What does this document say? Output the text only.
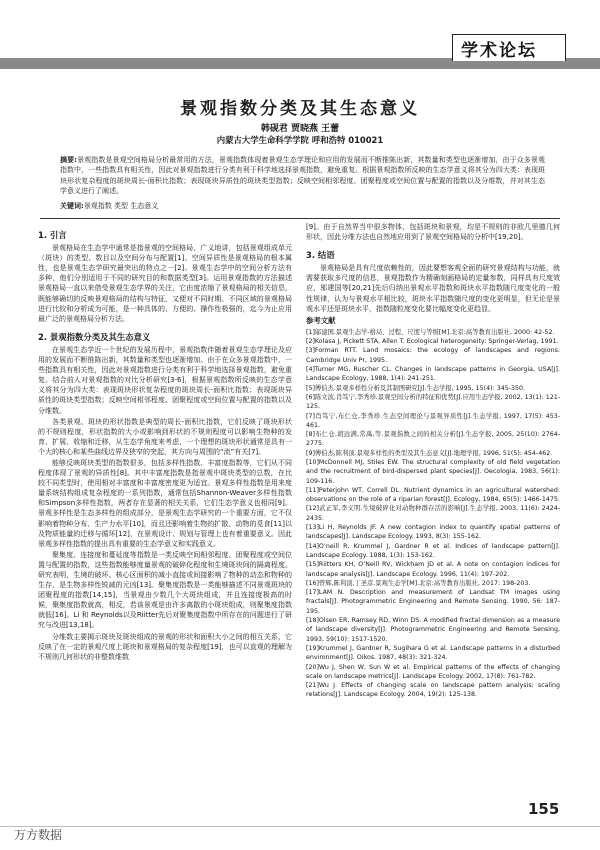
学术论坛
景观指数分类及其生态意义
韩砚君 贾晓燕 王蕾
内蒙古大学生命科学学院 呼和浩特 010021
摘要:景观指数是景观空间格局分析最常用的方法，景观指数体现着景观生态学理论和应用的发展而不断推陈出新，其数量和类型也逐渐增加，由于众多景观指数中，一些指数具有相关性，因此对景观指数进行分类有利于科学地选择景观指数，避免重复。根据景观指数所反映的生态学意义将其分为四大类：表现斑块形状复杂程度的斑块周长-面积比指数；表现斑块异质性的斑块类型指数；反映空间相邻程度、团聚程度或空间位置与配置的指数以及分维数，并对其生态学意义进行了阐述。
关键词:景观指数 类型 生态意义
1. 引言
景观格局在生态学中通常是指景观的空间格局，广义地讲，包括景观组成单元（斑块）的类型、数目以及空间分布与配置[1]。空间异质性是景观格局的根本属性，也是景观生态学研究最突出的特点之一[2]。景观生态学中的空间分析方法有多种，他们分别适用于不同的研究目的和数据类型[3]。运用景观指数的方法描述景观格局一直以来借受景观生态学界的关注，它由度浓缩了景观格局的相关信息，既能够确切的反映景观格局的结构与特征，又便对不同时期、不同区域的景观格局进行比较和分析成为可能，是一种具体的、方便的、操作性极强的，迄今为止应用最广泛的景观格局分析方法。
2. 景观指数分类及其生态意义
在景观生态学近一个世纪的发展历程中，景观指数伴随着景观生态学理论及应用的发展而不断推陈出新，其数量和类型也逐渐增加。由于在众多景观指数中，一些指数具有相关性，因此对景观指数进行分类有利于科学地选择景观指数，避免重复。结合前人对景观指数的对比分析研究[3-6]，根据景观指数所反映的生态学意义将其分为四大类：表现斑块形状复杂程度的斑块周长-面积比指数；表现斑块异质性的斑块类型指数；反映空间相邻程度、团聚程度或空间位置与配置的指数以及分维数。
各类景观、斑块的形状指数是典型的周长-面积比指数，它们反映了斑块形状的不规则程度，形状指数的大小或影响到形状的不规则程度可以影响生物种的发育、扩展、收缩和迁移，从生态学角度来考虑，一个理想的斑块形状通常是具有一个大的核心和某些曲线边界及狭窄的突起，其方向与周围的“流”有关[7]。
能够反映斑块类型的指数很多，包括多样性指数、丰富度指数等，它们从不同程度体现了景观的异质性[8]。其中丰富度指数是指景观中斑块类型的总数，在比较不同类型时，使用相对丰富度和丰富度密度更为适宜。景观多样性指数是用来度量系统结构组成复杂程度的一系列指数，通常包括Shannon-Weaver多样性指数和Simpson多样性指数，两者存在显著的相关关系，它们生态学意义也相同[9]。景观多样性是生态多样性的组成部分，是景观生态学研究的一个重要方面，它不仅影响着物种分布、生产力水平[10]，而且还影响着生物的扩散、动物的觅食[11]以及物质能量的迁移与循环[12]，在景观设计、规划与管理上也有着重要意义。因此景观多样性指数的提出具有重要的生态学意义和实践意义。
聚集度、连接度和蔓延度等指数是一类反映空间相邻程度、团聚程度或空间位置与配置的指数，这些指数能够度量景观的破碎化程度和生境斑块间的隔离程度。研究表明，生境的破坏、核心区面积的减小直接或间接影响了物种的动态和物种的生存，是生物多样性锐减的元凶[13]。聚集度指数是一类能够描述不同景观斑块的团聚程度的指数[14,15]，当景观由少数几个大斑块组成，并且连接度极高的时候，聚集度指数就高，相反，若该景观是由许多离散的小斑块组成，则聚集度指数就低[16]。Li 和 Reynolds以及Riitter先后对聚集度指数中所存在的问题进行了研究与改进[13,18]。
分维数主要揭示斑块及斑块组成的景观的形状和面积大小之间的相互关系，它反映了在一定的景观尺度上斑块和景观格局的复杂程度[19]，也可以直观的理解为不规则几何形状的非整数维数
[9]。由于自然界当中很多物体，包括斑块和景观，均是不规则的非欧几里德几何形状，因此分维方法也自然地应用到了景观空间格局的分析中[19,20]。
3. 结语
景观格局是具有尺度依赖性的，因此要想客观全面的研究景观结构与功能，就需要获取多尺度的信息，景观指数作为精确刻画格局的定量参数，同样具有尺度效应，邬建国等[20,21]先后归纳出景观水平指数和斑块水平指数随尺度变化的一般性规律，认为与景观水平相比较，斑块水平指数随尺度的变化更明显，但无论是景观水平还是斑块水平，指数随粒度变化要比幅度变化更趋显。
参考文献
[1]邬建国.景观生态学-格局、过程、尺度与等级[M].北京:高等教育出版社, 2000: 42-52.
[2]Kolasa J, Pickett STA, Allen T. Ecological heterogeneity: Springer-Verlag, 1991.
[3]Forman RTT. Land mosaics: the ecology of landscapes and regions: Cambridge Univ Pr, 1995.
[4]Turner MG, Ruscher CL. Changes in landscape patterns in Georgia, USA[J]. Landscape Ecology, 1988, 1(4): 241-251.
[5]傅伯杰.景观多样性分析及其制图研究[J].生态学报, 1995, 15(4): 345-350.
[6]陈文波,肖笃宁,李秀珍.景观空间分析的特征和优势[J].应用生态学报, 2002, 13(1): 121-125.
[7]肖笃宁,布仁仓,李秀珍.生态空间理论与景观异质性[J].生态学报, 1997, 17(5): 453-461.
[8]布仁仓,胡远满,常禹,等.景观指数之间的相关分析[J].生态学报, 2005, 25(10): 2764-2775.
[9]傅伯杰,陈利顶.景观多样性的类型及其生态意义[J].地理学报, 1996, 51(5): 454-462.
[10]McDonnell MJ, Stiles EW. The structural complexity of old field vegetation and the recruitment of bird-dispersed plant species[J]. Oecologia, 1983, 56(1): 109-116.
[11]Peterjohn WT, Correll DL. Nutrient dynamics in an agricultural watershed: observations on the role of a riparian forest[J]. Ecology, 1984, 65(5): 1466-1475.
[12]武正军,李义明.生境破碎化对动物种群存活的影响[J].生态学报, 2003, 11(6): 2424-2435.
[13]Li H, Reynolds JF. A new contagion index to quantify spatial patterns of landscapes[J]. Landscape Ecology. 1993, 8(3): 155-162.
[14]O’neill R, Krummel J, Gardner R et al. Indices of landscape pattern[J]. Landscape Ecology. 1988, 1(3): 153-162.
[15]Riitters KH, O’Neill RV, Wickham JD et al. A note on contagion indices for landscape analysis[J]. Landscape Ecology. 1996, 11(4): 197-202.
[16]曾辉,陈利顶,丁圣彦.景观生态学[M].北京:高等教育出版社, 2017: 198-203.
[17]LAM N. Description and measurement of Landsat TM images using fractals[J]. Photogrammetric Engineering and Remote Sensing. 1990, 56: 187-195.
[18]Olsen ER, Ramsey RD, Winn DS. A modified fractal dimension as a measure of landscape diversity[J]. Photogrammetric Engineering and Remote Sensing, 1993, 59(10): 1517-1520.
[19]Krummel J, Gardner R, Sugihara G et al. Landscape patterns in a disturbed environment[J]. Oikos. 1987, 48(3): 321-324.
[20]Wu J, Shen W, Sun W et al. Empirical patterns of the effects of changing scale on landscape metrics[J]. Landscape Ecology. 2002, 17(8): 761-782.
[21]Wu J. Effects of changing scale on landscape pattern analysis: scaling relations[J]. Landscape Ecology. 2004, 19(2): 125-138.
155
万方数据
